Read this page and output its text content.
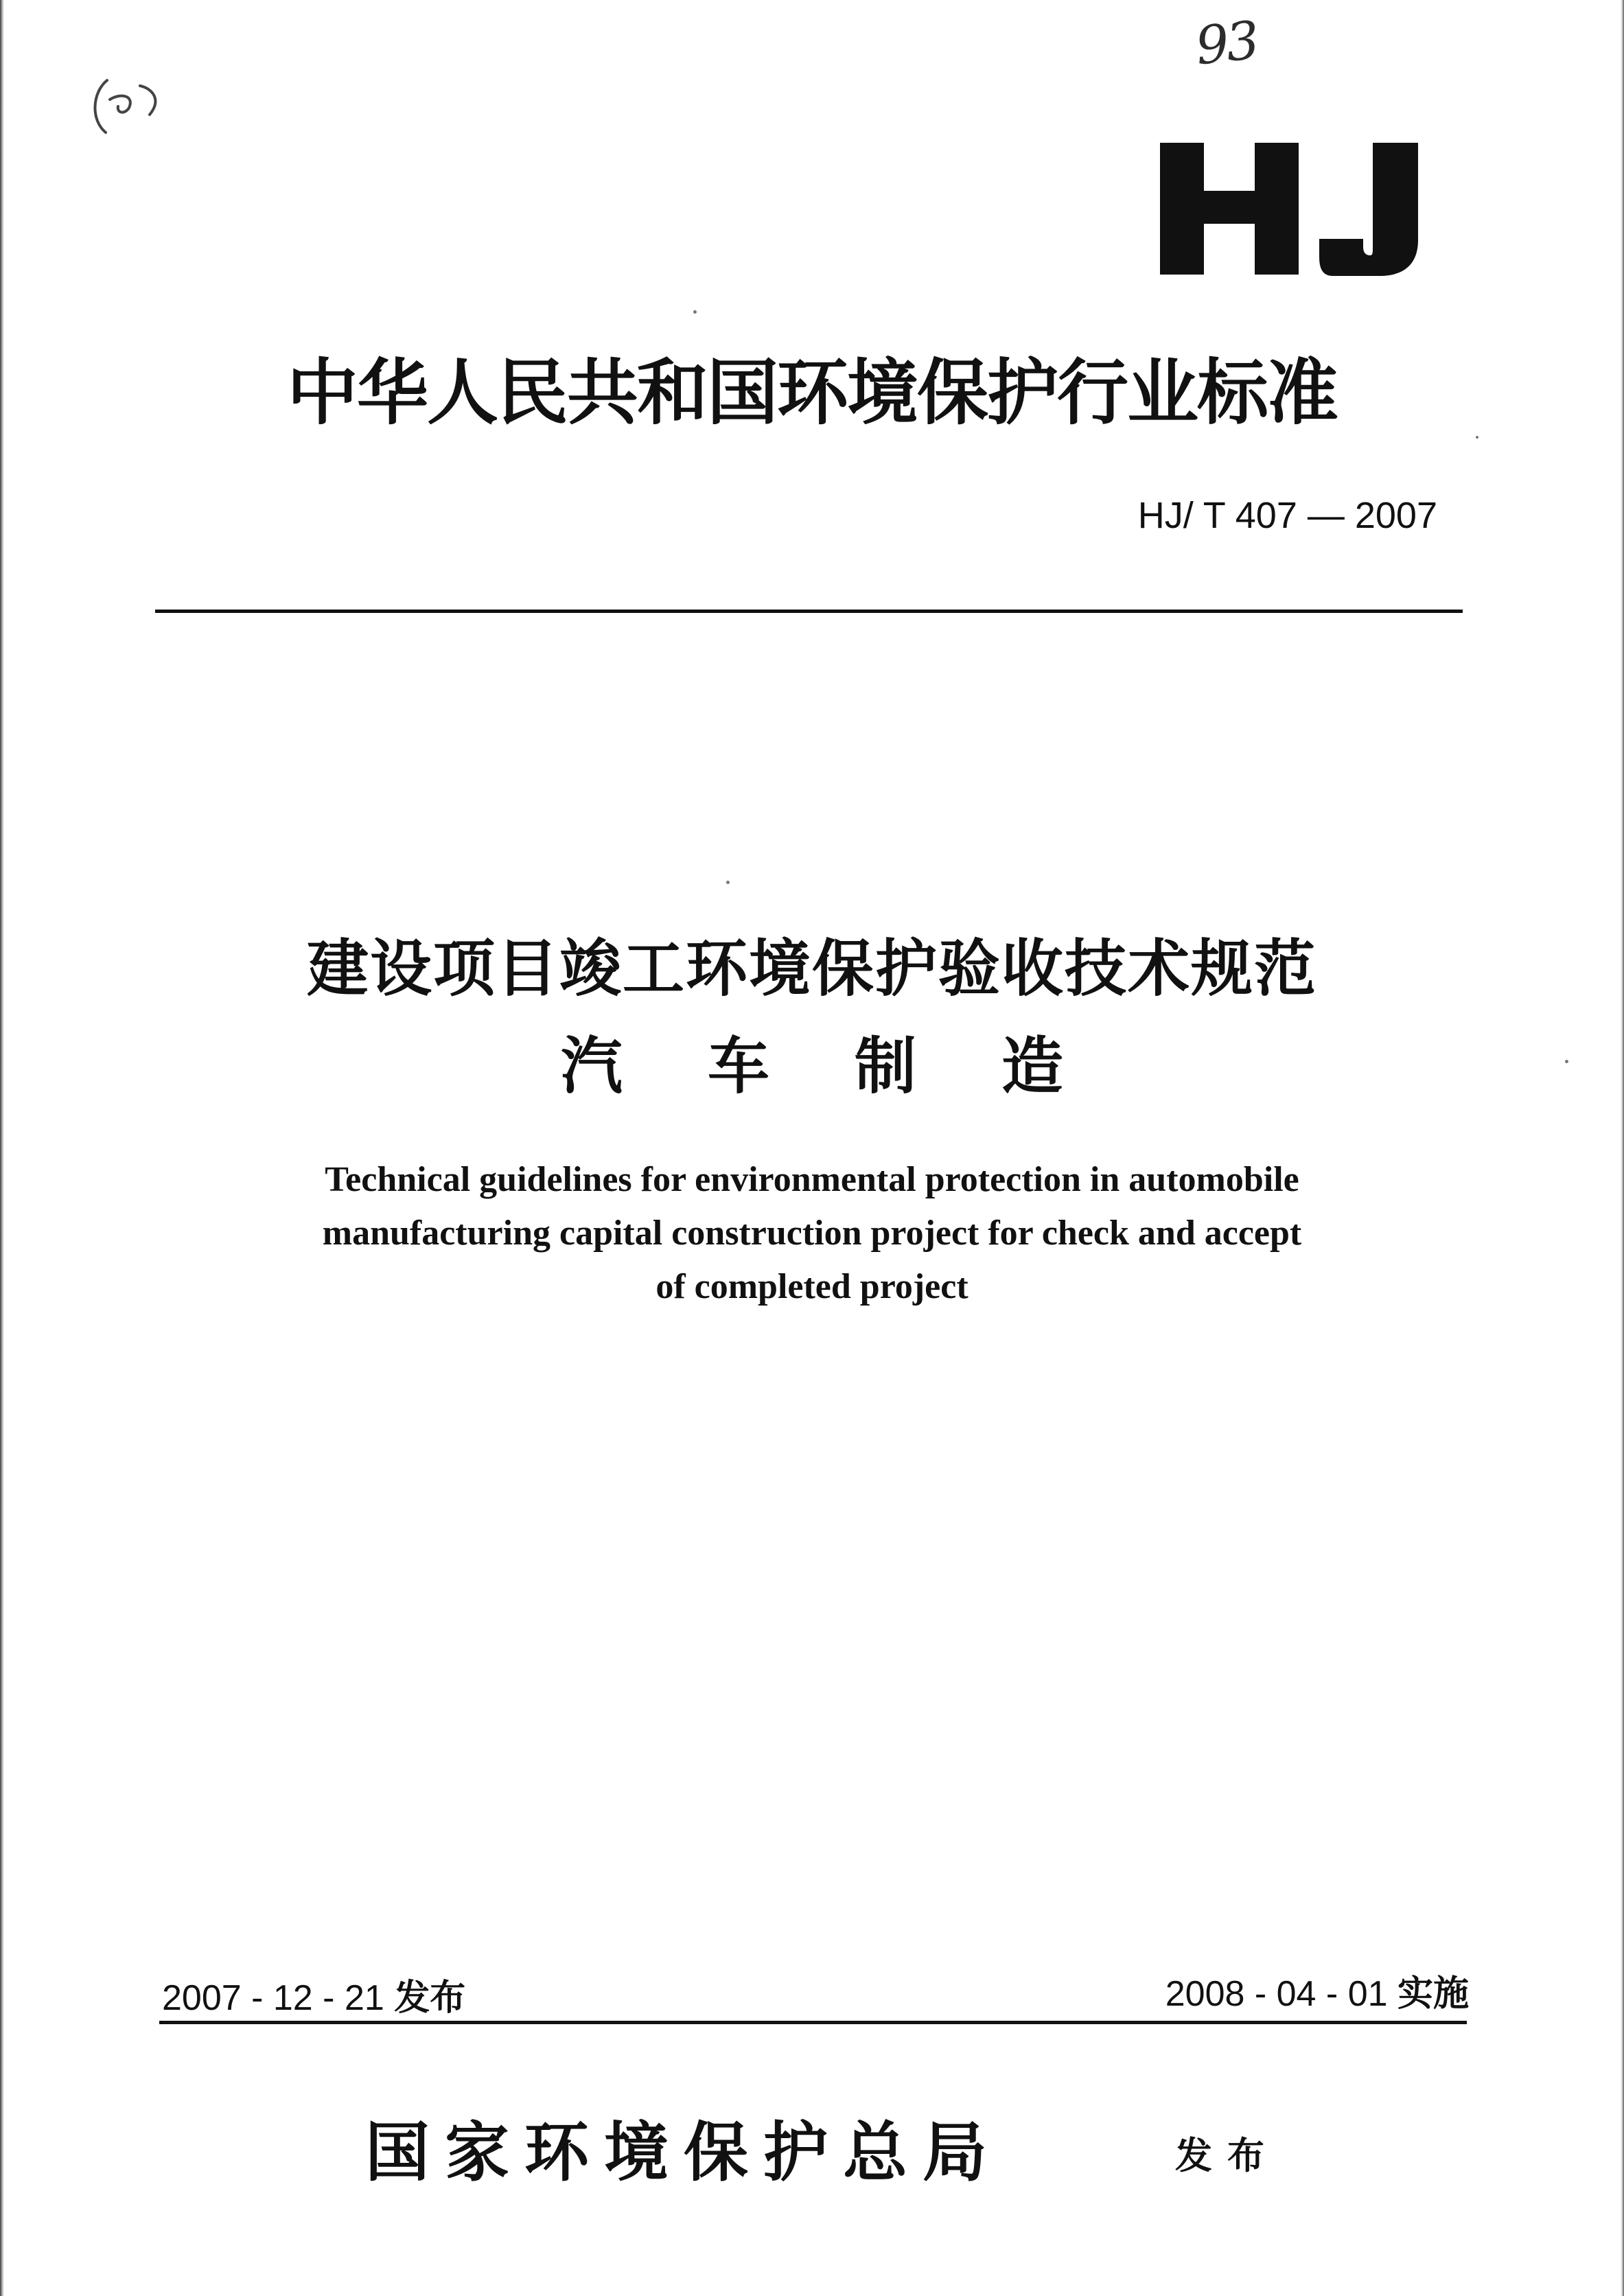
93
中华人民共和国环境保护行业标准
HJ/ T 407 — 2007
建设项目竣工环境保护验收技术规范
汽 车 制 造
Technical guidelines for environmental protection in automobile
manufacturing capital construction project for check and accept
of completed project
2007 - 12 - 21 发布	2008 - 04 - 01 实施
国家环境保护总局	发布
